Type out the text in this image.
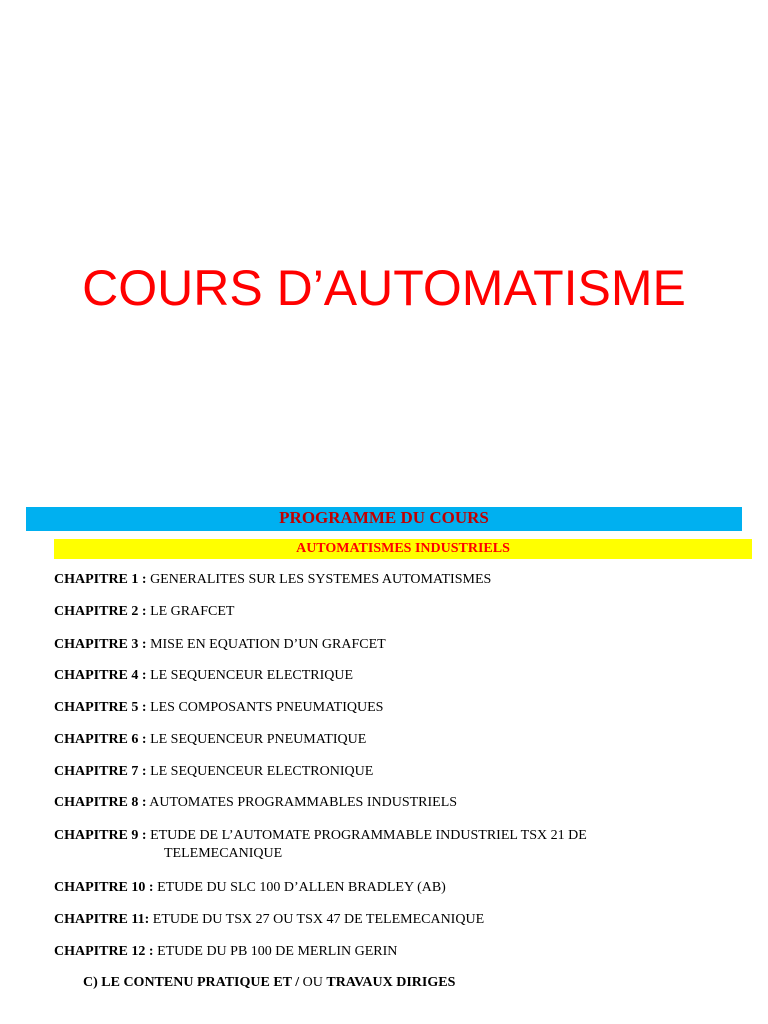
COURS D’AUTOMATISME
PROGRAMME DU COURS
AUTOMATISMES INDUSTRIELS
CHAPITRE 1 : GENERALITES SUR LES SYSTEMES AUTOMATISMES
CHAPITRE 2 : LE GRAFCET
CHAPITRE 3 : MISE EN EQUATION D’UN GRAFCET
CHAPITRE 4 : LE SEQUENCEUR ELECTRIQUE
CHAPITRE 5 : LES COMPOSANTS PNEUMATIQUES
CHAPITRE 6 : LE SEQUENCEUR PNEUMATIQUE
CHAPITRE 7 : LE SEQUENCEUR ELECTRONIQUE
CHAPITRE 8 : AUTOMATES PROGRAMMABLES INDUSTRIELS
CHAPITRE 9 : ETUDE DE L’AUTOMATE PROGRAMMABLE INDUSTRIEL TSX 21 DE
TELEMECANIQUE
CHAPITRE 10 : ETUDE DU SLC 100 D’ALLEN BRADLEY (AB)
CHAPITRE 11: ETUDE DU TSX 27 OU TSX 47 DE TELEMECANIQUE
CHAPITRE 12 : ETUDE DU PB 100 DE MERLIN GERIN
C) LE CONTENU PRATIQUE ET / OU TRAVAUX DIRIGES
